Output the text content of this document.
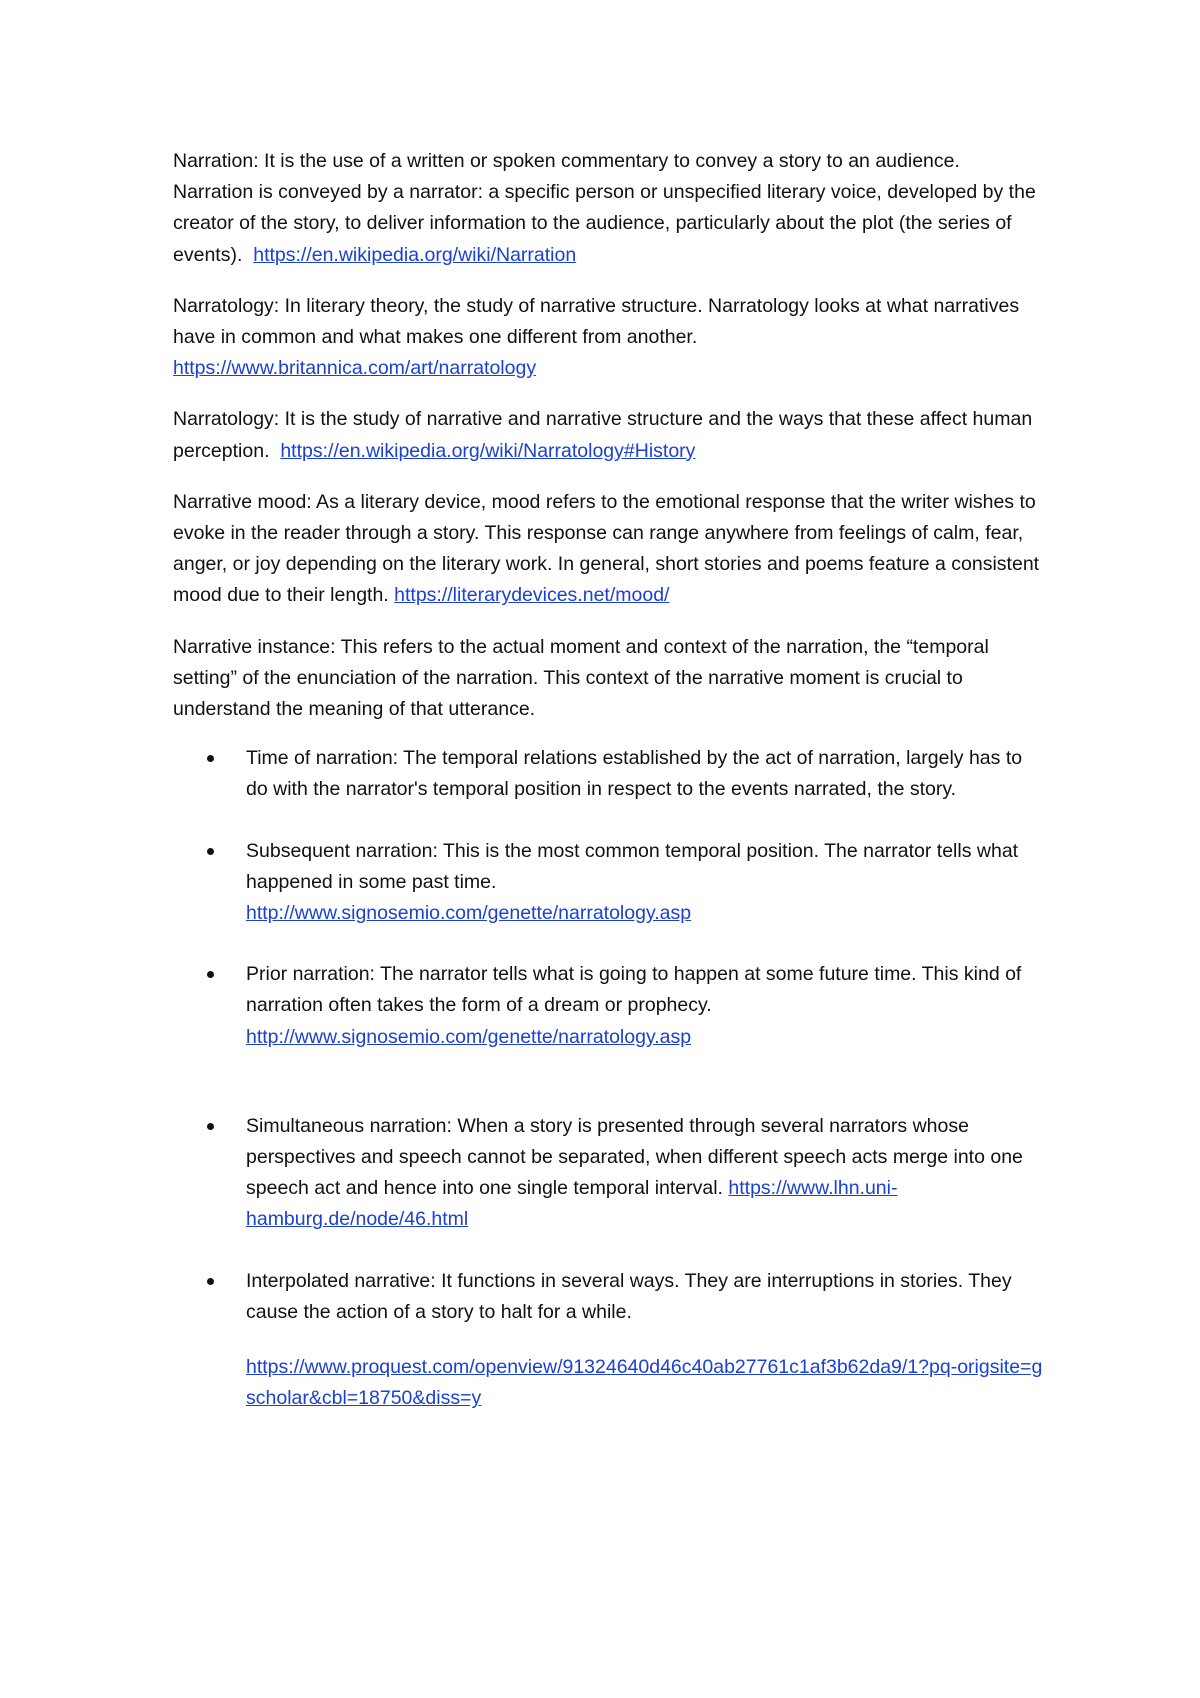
Narration: It is the use of a written or spoken commentary to convey a story to an audience. Narration is conveyed by a narrator: a specific person or unspecified literary voice, developed by the creator of the story, to deliver information to the audience, particularly about the plot (the series of events). https://en.wikipedia.org/wiki/Narration

Narratology: In literary theory, the study of narrative structure. Narratology looks at what narratives have in common and what makes one different from another.
https://www.britannica.com/art/narratology

Narratology: It is the study of narrative and narrative structure and the ways that these affect human perception. https://en.wikipedia.org/wiki/Narratology#History

Narrative mood: As a literary device, mood refers to the emotional response that the writer wishes to evoke in the reader through a story. This response can range anywhere from feelings of calm, fear, anger, or joy depending on the literary work. In general, short stories and poems feature a consistent mood due to their length. https://literarydevices.net/mood/

Narrative instance: This refers to the actual moment and context of the narration, the “temporal setting” of the enunciation of the narration. This context of the narrative moment is crucial to understand the meaning of that utterance.

Time of narration: The temporal relations established by the act of narration, largely has to do with the narrator's temporal position in respect to the events narrated, the story.
Subsequent narration: This is the most common temporal position. The narrator tells what happened in some past time.
http://www.signosemio.com/genette/narratology.asp
Prior narration: The narrator tells what is going to happen at some future time. This kind of narration often takes the form of a dream or prophecy.
http://www.signosemio.com/genette/narratology.asp
Simultaneous narration: When a story is presented through several narrators whose perspectives and speech cannot be separated, when different speech acts merge into one speech act and hence into one single temporal interval. https://www.lhn.uni-hamburg.de/node/46.html
Interpolated narrative: It functions in several ways. They are interruptions in stories. They cause the action of a story to halt for a while.
https://www.proquest.com/openview/91324640d46c40ab27761c1af3b62da9/1?pq-origsite=gscholar&cbl=18750&diss=y
